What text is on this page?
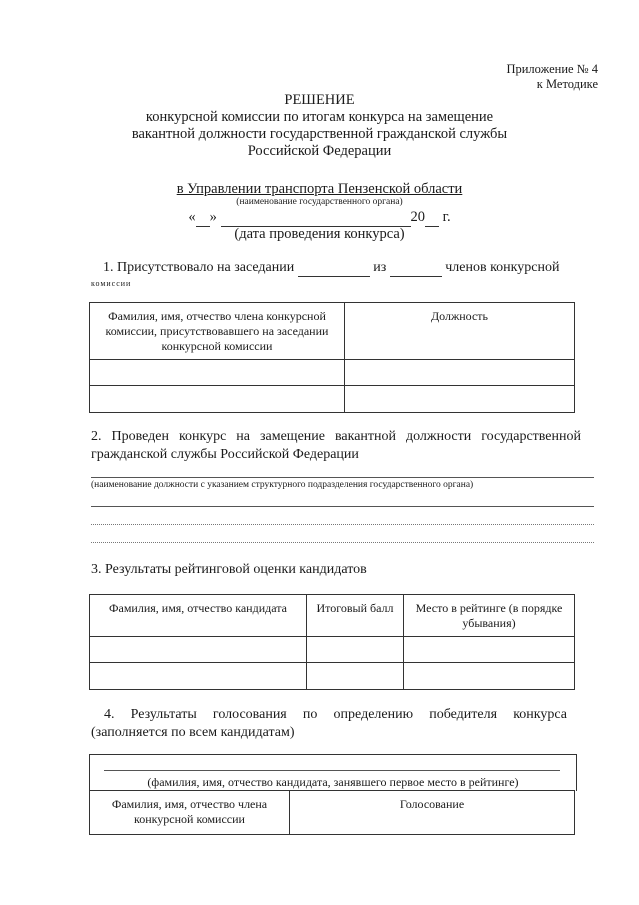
Приложение № 4
к Методике
РЕШЕНИЕ
конкурсной комиссии по итогам конкурса на замещение
вакантной должности государственной гражданской службы
Российской Федерации
в Управлении транспорта Пензенской области
(наименование государственного органа)
« »	20 г.
(дата проведения конкурса)
1. Присутствовало на заседании	из	членов конкурсной
комиссии
Фамилия, имя, отчество члена конкурсной комиссии, присутствовавшего на заседании конкурсной комиссии	Должность

2. Проведен конкурс на замещение вакантной должности государственной гражданской службы Российской Федерации
(наименование должности с указанием структурного подразделения государственного органа)
3. Результаты рейтинговой оценки кандидатов
Фамилия, имя, отчество кандидата	Итоговый балл	Место в рейтинге (в порядке убывания)

4. Результаты голосования по определению победителя конкурса (заполняется по всем кандидатам)
(фамилия, имя, отчество кандидата, занявшего первое место в рейтинге)
Фамилия, имя, отчество члена конкурсной комиссии	Голосование
